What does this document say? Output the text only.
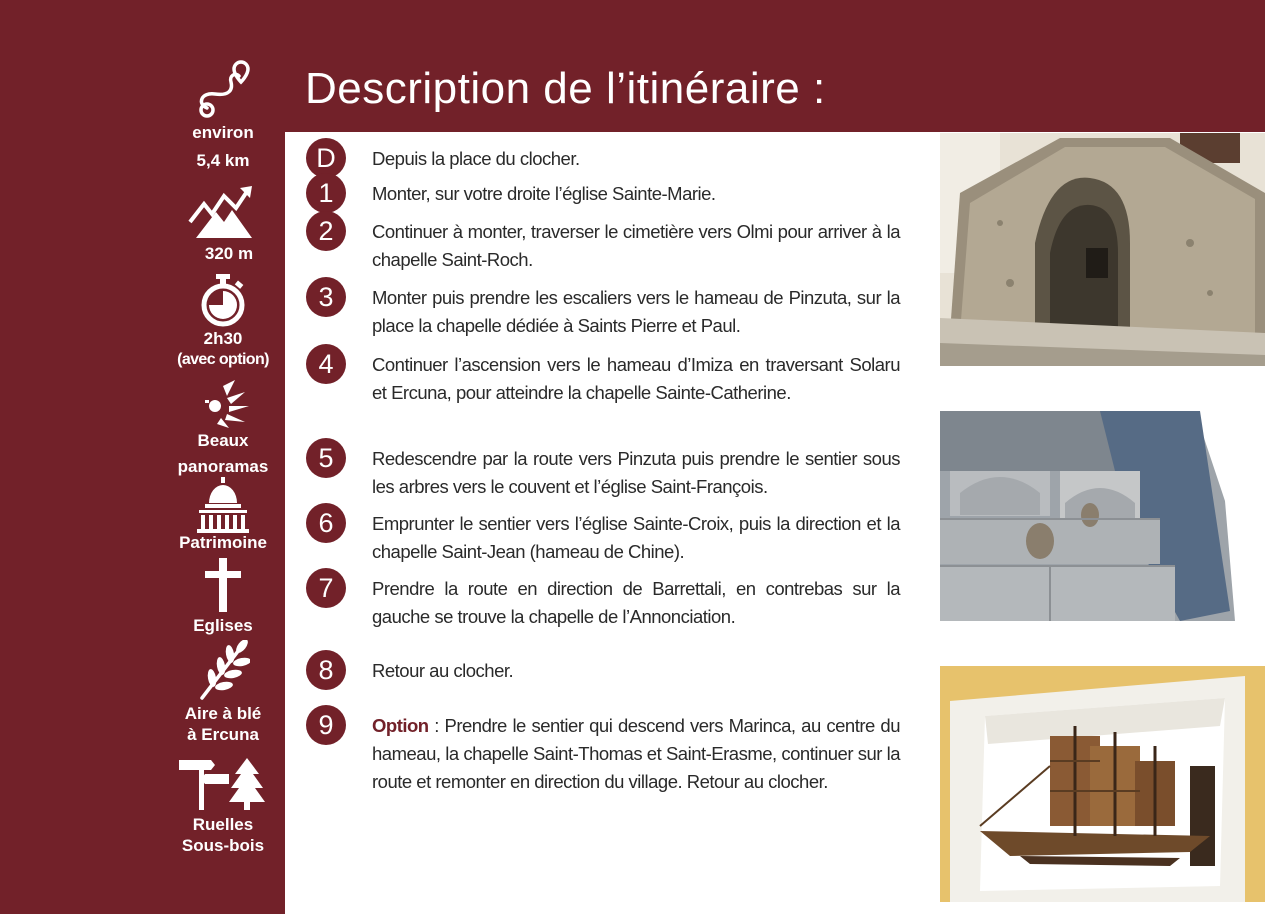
Description de l’itinéraire :
environ
5,4 km
320 m
2h30
(avec option)
Beaux
panoramas
Patrimoine
Eglises
Aire à blé
à Ercuna
Ruelles
Sous-bois
D	Depuis la place du clocher.
1	Monter, sur votre droite l’église Sainte-Marie.
2	Continuer à monter, traverser le cimetière vers Olmi pour arriver à la chapelle Saint-Roch.
3	Monter puis prendre les escaliers vers le hameau de Pinzuta, sur la place la chapelle dédiée à Saints Pierre et Paul.
4	Continuer l’ascension vers le hameau d’Imiza en traversant Solaru et Ercuna, pour atteindre la chapelle Sainte-Catherine.
5	Redescendre par la route vers Pinzuta puis prendre le sentier sous les arbres vers le couvent et l’église Saint-François.
6	Emprunter le sentier vers l’église Sainte-Croix, puis la direction et la chapelle Saint-Jean (hameau de Chine).
7	Prendre la route en direction de Barrettali, en contrebas sur la gauche se trouve la chapelle de l’Annonciation.
8	Retour au clocher.
9	Option : Prendre le sentier qui descend vers Marinca, au centre du hameau, la chapelle Saint-Thomas et Saint-Erasme, continuer sur la route et remonter en direction du village. Retour au clocher.
